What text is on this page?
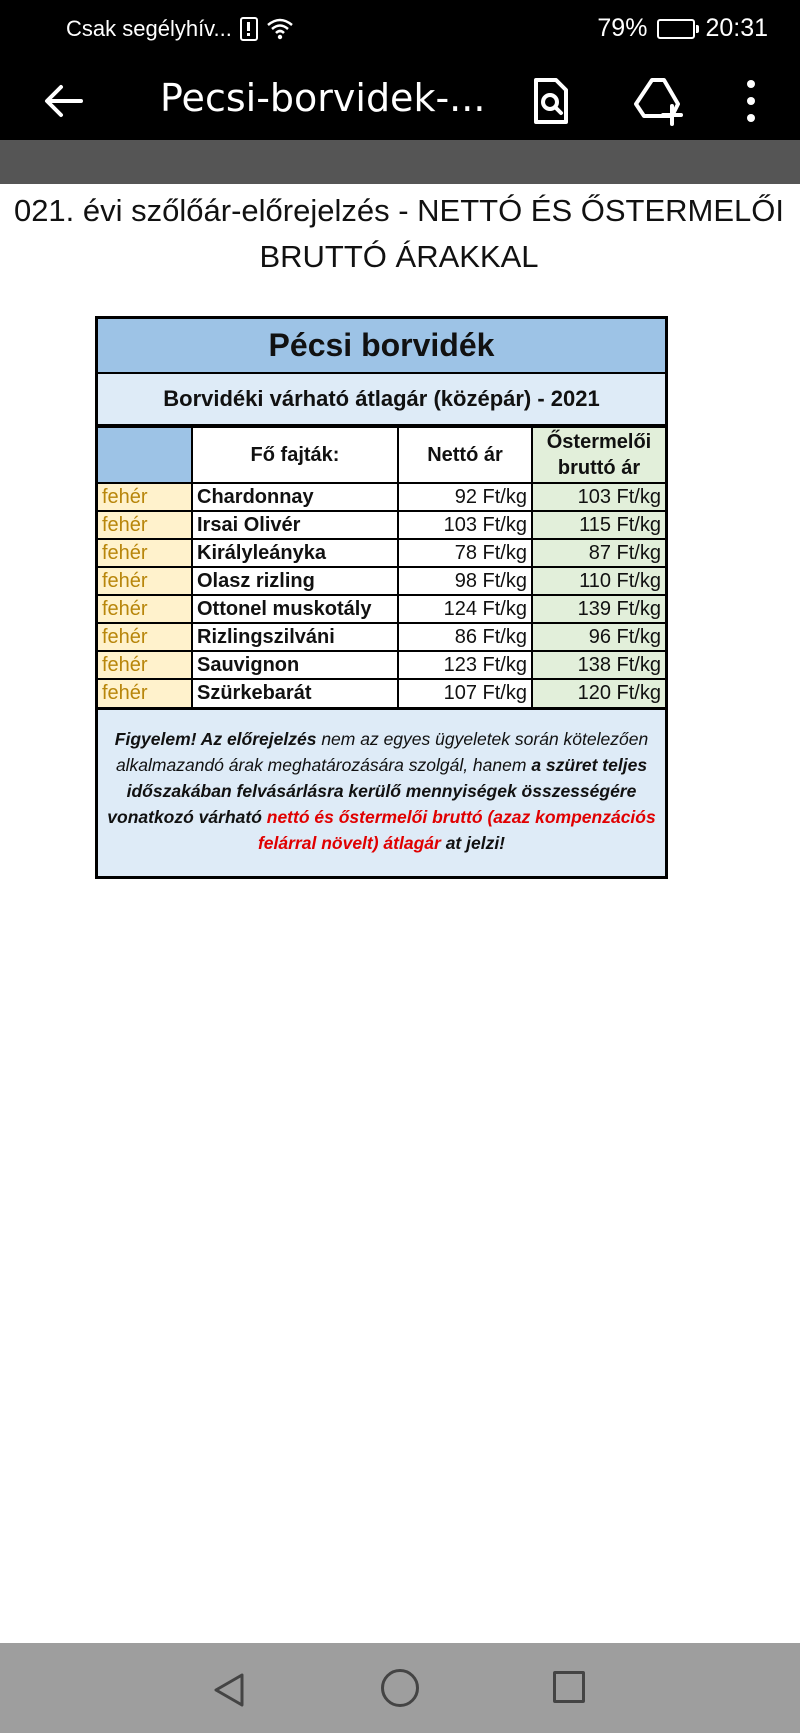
Csak segélyhív...	79% 20:31
Pecsi-borvidek-...
021. évi szőlőár-előrejelzés - NETTÓ ÉS ŐSTERMELŐI
BRUTTÓ ÁRAKKAL
Pécsi borvidék
Borvidéki várható átlagár (középár) - 2021
	Fő fajták:	Nettó ár	Őstermelői
bruttó ár

fehér	Chardonnay	92 Ft/kg	103 Ft/kg
fehér	Irsai Olivér	103 Ft/kg	115 Ft/kg
fehér	Királyleányka	78 Ft/kg	87 Ft/kg
fehér	Olasz rizling	98 Ft/kg	110 Ft/kg
fehér	Ottonel muskotály	124 Ft/kg	139 Ft/kg
fehér	Rizlingszilváni	86 Ft/kg	96 Ft/kg
fehér	Sauvignon	123 Ft/kg	138 Ft/kg
fehér	Szürkebarát	107 Ft/kg	120 Ft/kg
Figyelem! Az előrejelzés nem az egyes ügyeletek során kötelezően alkalmazandó árak meghatározására szolgál, hanem a szüret teljes időszakában felvásárlásra kerülő mennyiségek összességére vonatkozó várható nettó és őstermelői bruttó (azaz kompenzációs felárral növelt) átlagár at jelzi!
